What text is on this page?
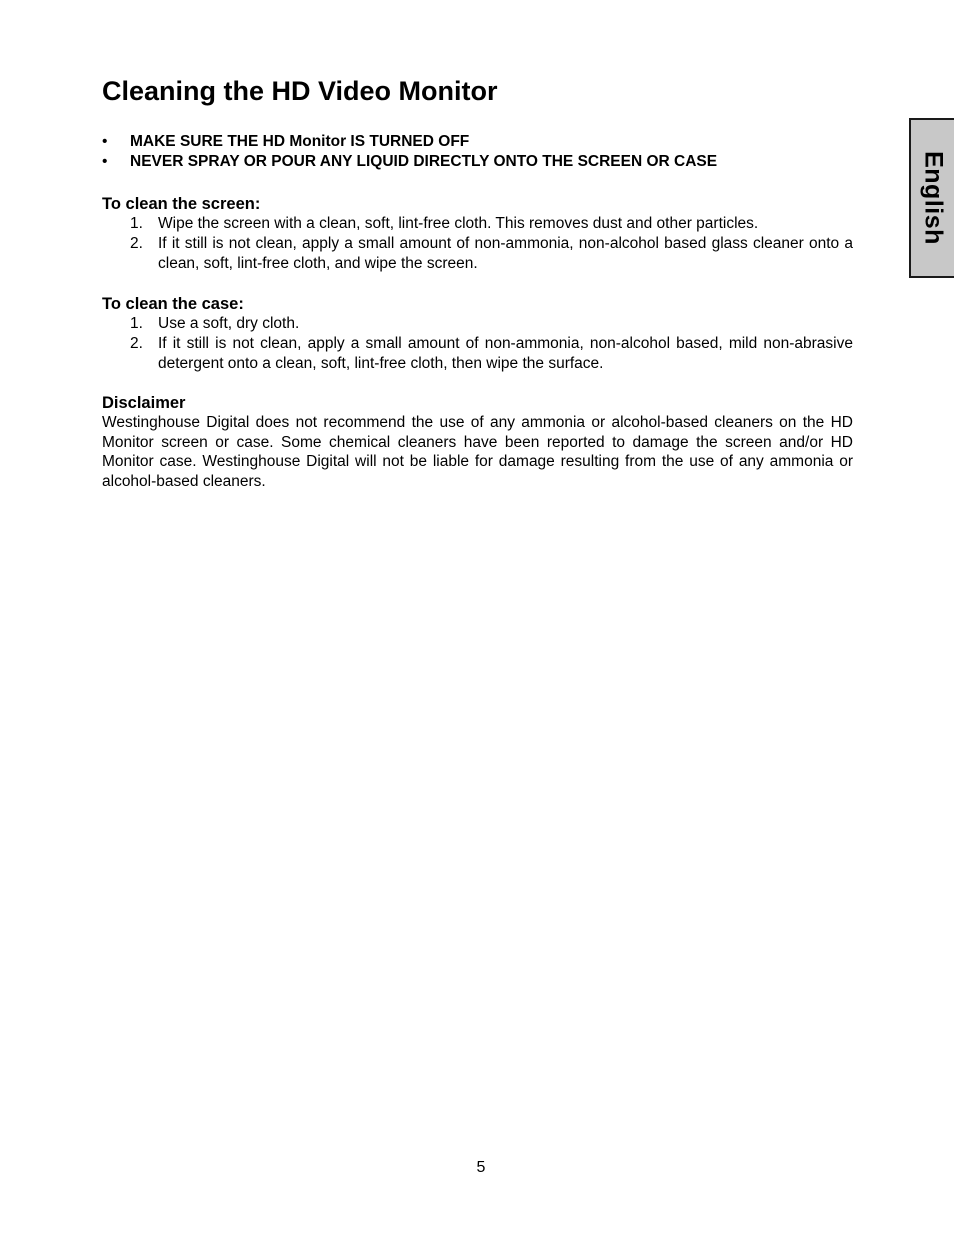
Cleaning the HD Video Monitor
• MAKE SURE THE HD Monitor IS TURNED OFF
• NEVER SPRAY OR POUR ANY LIQUID DIRECTLY ONTO THE SCREEN OR CASE
To clean the screen:
1. Wipe the screen with a clean, soft, lint-free cloth. This removes dust and other particles.
2. If it still is not clean, apply a small amount of non-ammonia, non-alcohol based glass cleaner onto a clean, soft, lint-free cloth, and wipe the screen.
To clean the case:
1. Use a soft, dry cloth.
2. If it still is not clean, apply a small amount of non-ammonia, non-alcohol based, mild non-abrasive detergent onto a clean, soft, lint-free cloth, then wipe the surface.
Disclaimer

Westinghouse Digital does not recommend the use of any ammonia or alcohol-based cleaners on the HD Monitor screen or case. Some chemical cleaners have been reported to damage the screen and/or HD Monitor case. Westinghouse Digital will not be liable for damage resulting from the use of any ammonia or alcohol-based cleaners.

English
5
